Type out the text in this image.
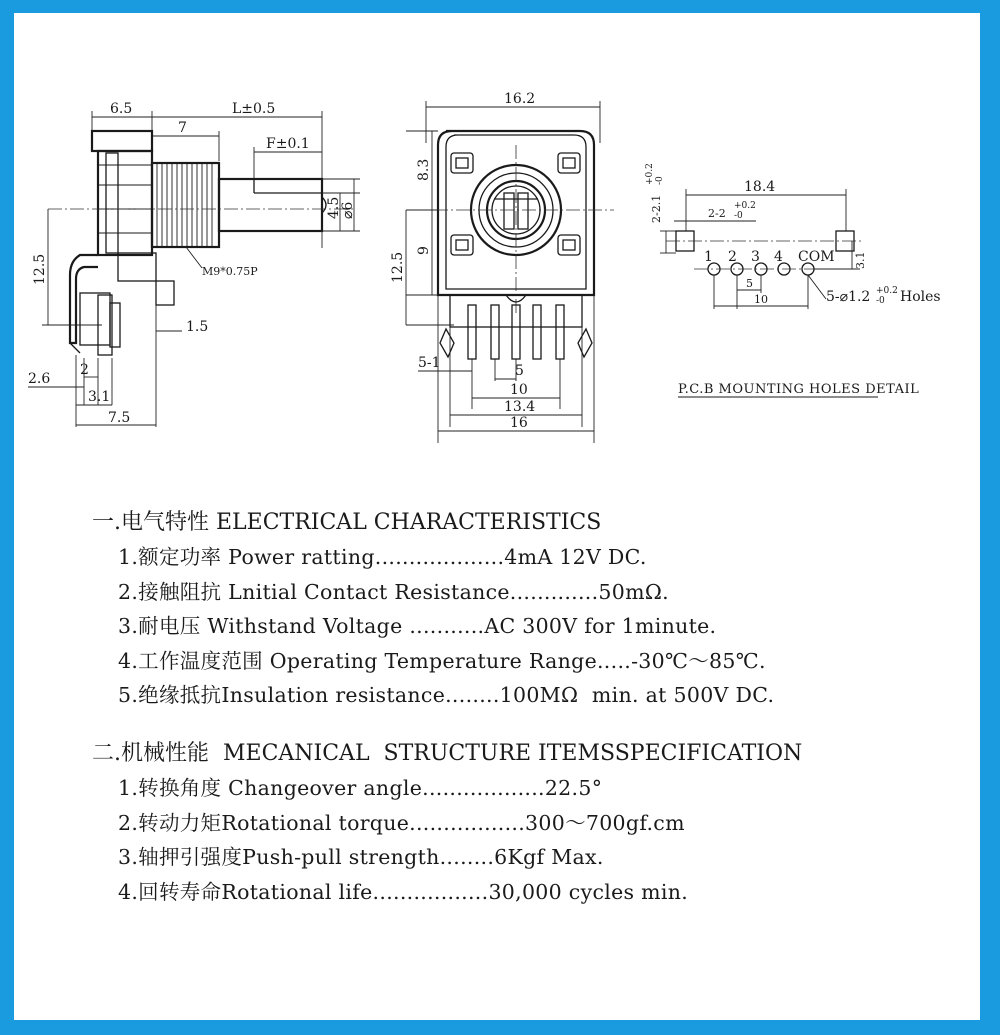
6.5	L±0.5
7
F±0.1
4.5
⌀6
M9*0.75P
12.5
1.5
2
2.6
3.1
7.5
16.2
8.3
9
12.5
5-1	5
10
13.4
16
18.4
2-2
+0.2
-0
2-2.1
+0.2 -0
1 2 3 4 COM 3.1
5
10	5-⌀1.2 +0.2
-0 Holes
P.C.B MOUNTING HOLES DETAIL

一.电气特性 ELECTRICAL CHARACTERISTICS

1.额定功率 Power ratting...................4mA 12V DC.

2.接触阻抗 Lnitial Contact Resistance.............50mΩ.

3.耐电压 Withstand Voltage ...........AC 300V for 1minute.

4.工作温度范围 Operating Temperature Range.....-30℃～85℃.

5.绝缘抵抗Insulation resistance........100MΩ  min. at 500V DC.

二.机械性能  MECANICAL  STRUCTURE ITEMSSPECIFICATION

1.转换角度 Changeover angle..................22.5°

2.转动力矩Rotational torque.................300～700gf.cm

3.轴押引强度Push-pull strength........6Kgf Max.

4.回转寿命Rotational life.................30,000 cycles min.
